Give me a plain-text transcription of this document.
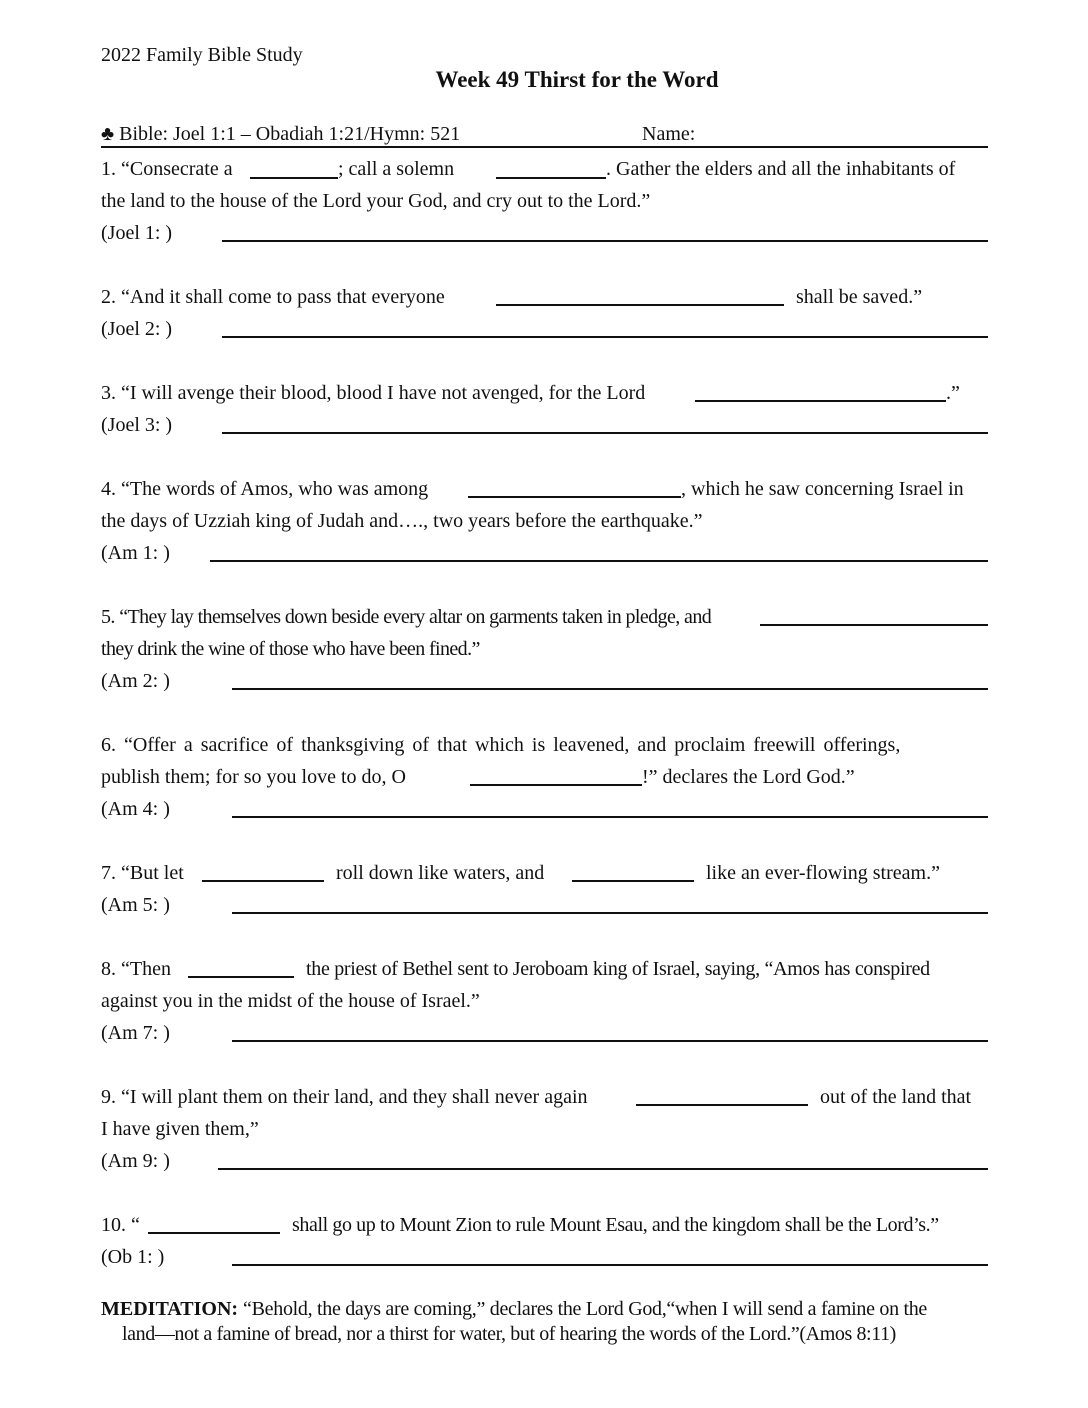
2022 Family Bible Study
Week 49 Thirst for the Word
♣ Bible: Joel 1:1 – Obadiah 1:21/Hymn: 521	Name:
1. “Consecrate a	; call a solemn	. Gather the elders and all the inhabitants of
the land to the house of the Lord your God, and cry out to the Lord.”
(Joel 1: )
2. “And it shall come to pass that everyone	shall be saved.”
(Joel 2: )
3. “I will avenge their blood, blood I have not avenged, for the Lord	.”
(Joel 3: )
4. “The words of Amos, who was among	, which he saw concerning Israel in
the days of Uzziah king of Judah and…., two years before the earthquake.”
(Am 1: )
5. “They lay themselves down beside every altar on garments taken in pledge, and
they drink the wine of those who have been fined.”
(Am 2: )
6. “Offer a sacrifice of thanksgiving of that which is leavened, and proclaim freewill offerings,
publish them; for so you love to do, O	!” declares the Lord God.”
(Am 4: )
7. “But let	roll down like waters, and	like an ever-flowing stream.”
(Am 5: )
8. “Then	the priest of Bethel sent to Jeroboam king of Israel, saying, “Amos has conspired
against you in the midst of the house of Israel.”
(Am 7: )
9. “I will plant them on their land, and they shall never again	out of the land that
I have given them,”
(Am 9: )
10. “	shall go up to Mount Zion to rule Mount Esau, and the kingdom shall be the Lord’s.”
(Ob 1: )
MEDITATION: “Behold, the days are coming,” declares the Lord God,“when I will send a famine on the
land—not a famine of bread, nor a thirst for water, but of hearing the words of the Lord.”(Amos 8:11)
